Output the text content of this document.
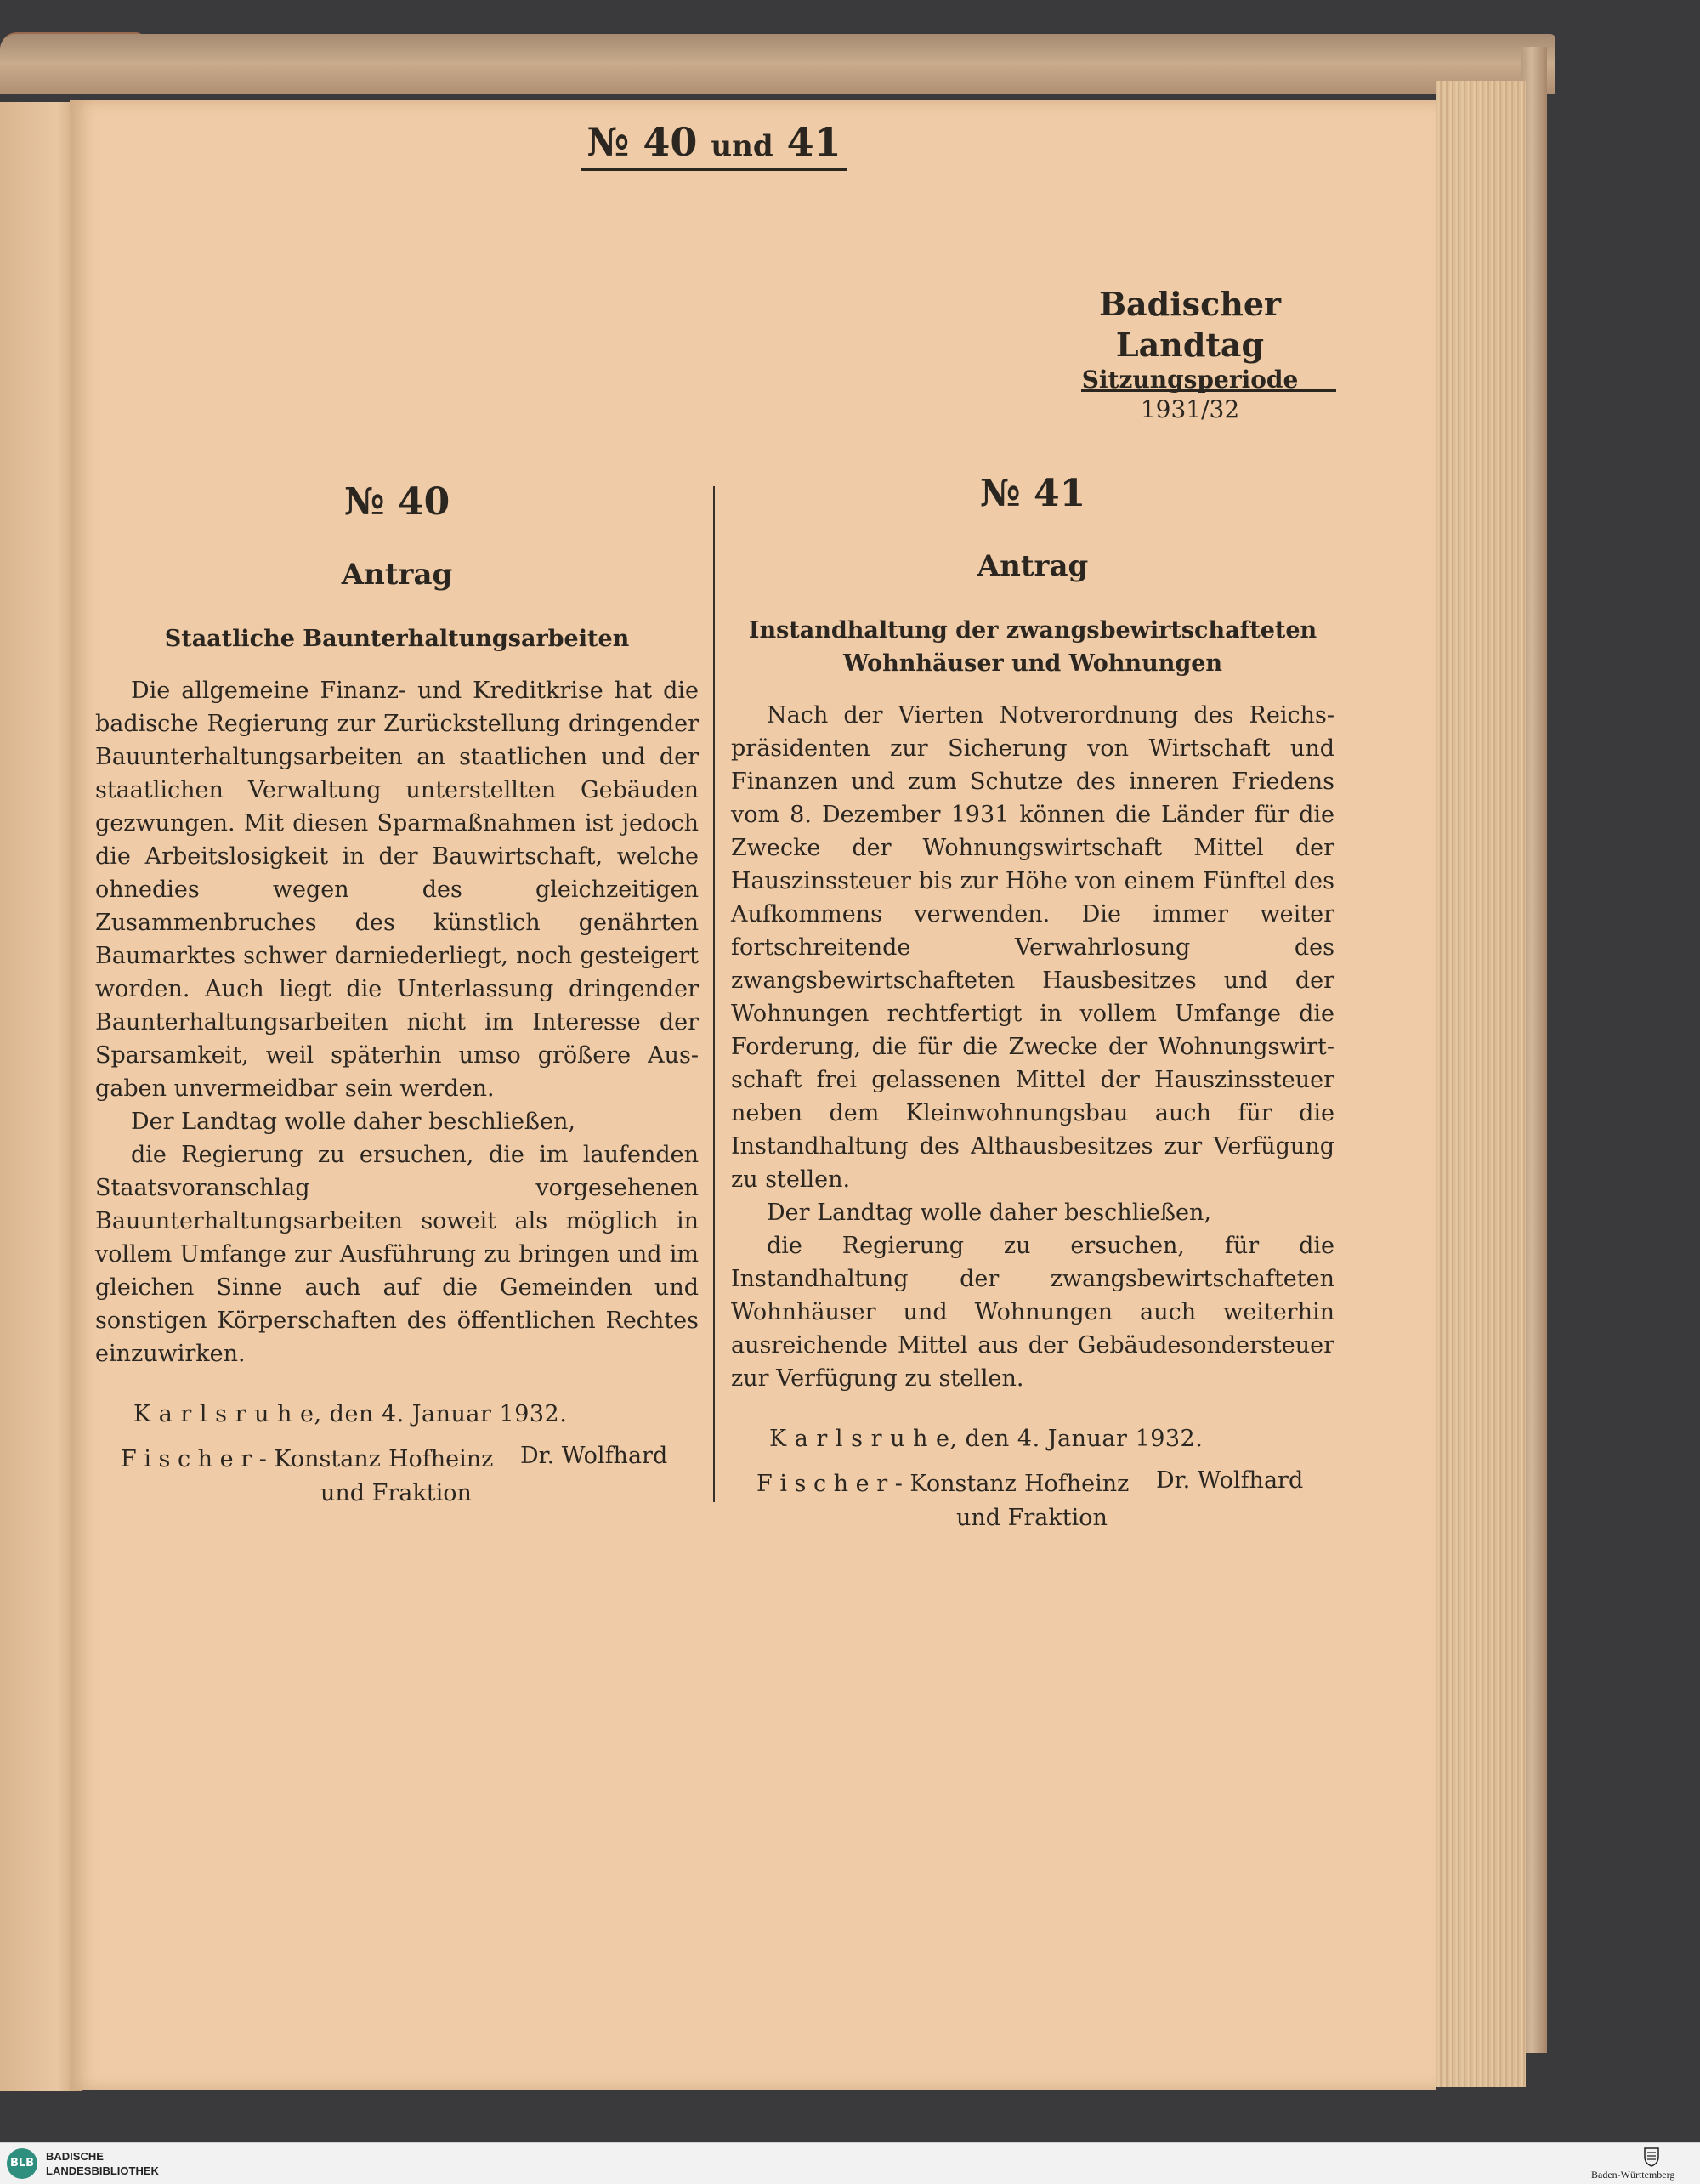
№ 40 und 41
Badischer Landtag
Sitzungsperiode
1931/32
№ 40
Antrag
Staatliche Baunterhaltungsarbeiten

Die allgemeine Finanz- und Kreditkrise hat die badische Regierung zur Zurückstellung dringender Bauunterhaltungsarbeiten an staatlichen und der staatlichen Verwaltung unterstellten Gebäuden gezwungen. Mit diesen Sparmaßnahmen ist jedoch die Arbeitslosigkeit in der Bauwirtschaft, welche ohnedies wegen des gleichzeitigen Zusammenbruches des künstlich genährten Baumarktes schwer darniederliegt, noch gesteigert worden. Auch liegt die Unterlassung dringender Baunterhaltungsarbeiten nicht im Interesse der Sparsamkeit, weil späterhin umso größere Ausgaben unvermeidbar sein werden.

Der Landtag wolle daher beschließen,

die Regierung zu ersuchen, die im laufenden Staatsvoranschlag vorgesehenen Bauunterhaltungsarbeiten soweit als möglich in vollem Umfange zur Ausführung zu bringen und im gleichen Sinne auch auf die Gemeinden und sonstigen Körperschaften des öffentlichen Rechtes einzuwirken.

K a r l s r u h e, den 4. Januar 1932.
F i s c h e r - Konstanz Hofheinz Dr. Wolfhard
und Fraktion
№ 41
Antrag
Instandhaltung der zwangsbewirtschafteten Wohnhäuser und Wohnungen

Nach der Vierten Notverordnung des Reichspräsidenten zur Sicherung von Wirtschaft und Finanzen und zum Schutze des inneren Friedens vom 8. Dezember 1931 können die Länder für die Zwecke der Wohnungswirtschaft Mittel der Hauszinssteuer bis zur Höhe von einem Fünftel des Aufkommens verwenden. Die immer weiter fortschreitende Verwahrlosung des zwangsbewirtschafteten Hausbesitzes und der Wohnungen rechtfertigt in vollem Umfange die Forderung, die für die Zwecke der Wohnungswirtschaft frei gelassenen Mittel der Hauszinssteuer neben dem Kleinwohnungsbau auch für die Instandhaltung des Althausbesitzes zur Verfügung zu stellen.

Der Landtag wolle daher beschließen,

die Regierung zu ersuchen, für die Instandhaltung der zwangsbewirtschafteten Wohnhäuser und Wohnungen auch weiterhin ausreichende Mittel aus der Gebäudesondersteuer zur Verfügung zu stellen.

K a r l s r u h e, den 4. Januar 1932.
F i s c h e r - Konstanz Hofheinz Dr. Wolfhard
und Fraktion
BLB
BADISCHE
LANDESBIBLIOTHEK	Baden-Württemberg
